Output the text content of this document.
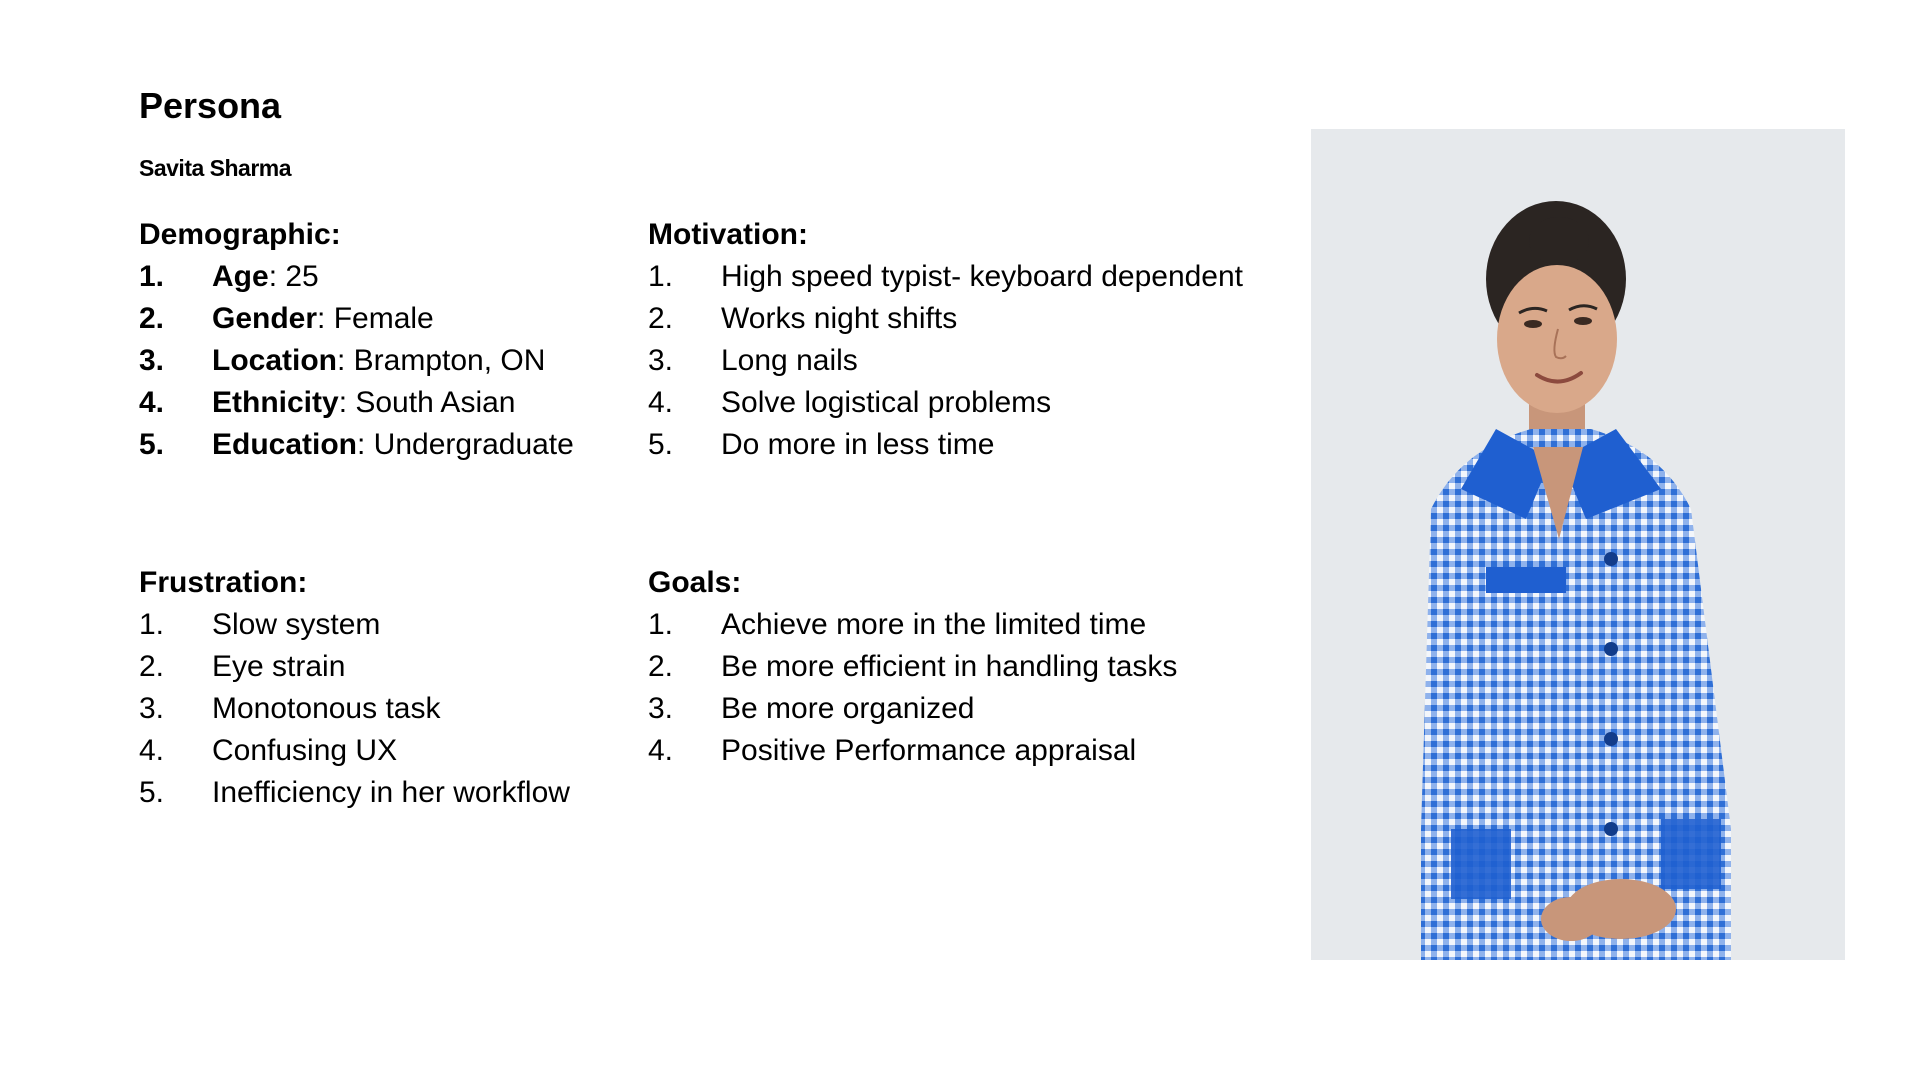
Persona
Savita Sharma
Demographic:
1.	Age: 25
2.	Gender: Female
3.	Location: Brampton, ON
4.	Ethnicity: South Asian
5.	Education: Undergraduate
Motivation:
1.	High speed typist- keyboard dependent
2.	Works night shifts
3.	Long nails
4.	Solve logistical problems
5.	Do more in less time
Frustration:
1.	Slow system
2.	Eye strain
3.	Monotonous task
4.	Confusing UX
5.	Inefficiency in her workflow
Goals:
1.	Achieve more in the limited time
2.	Be more efficient in handling tasks
3.	Be more organized
4.	Positive Performance appraisal
